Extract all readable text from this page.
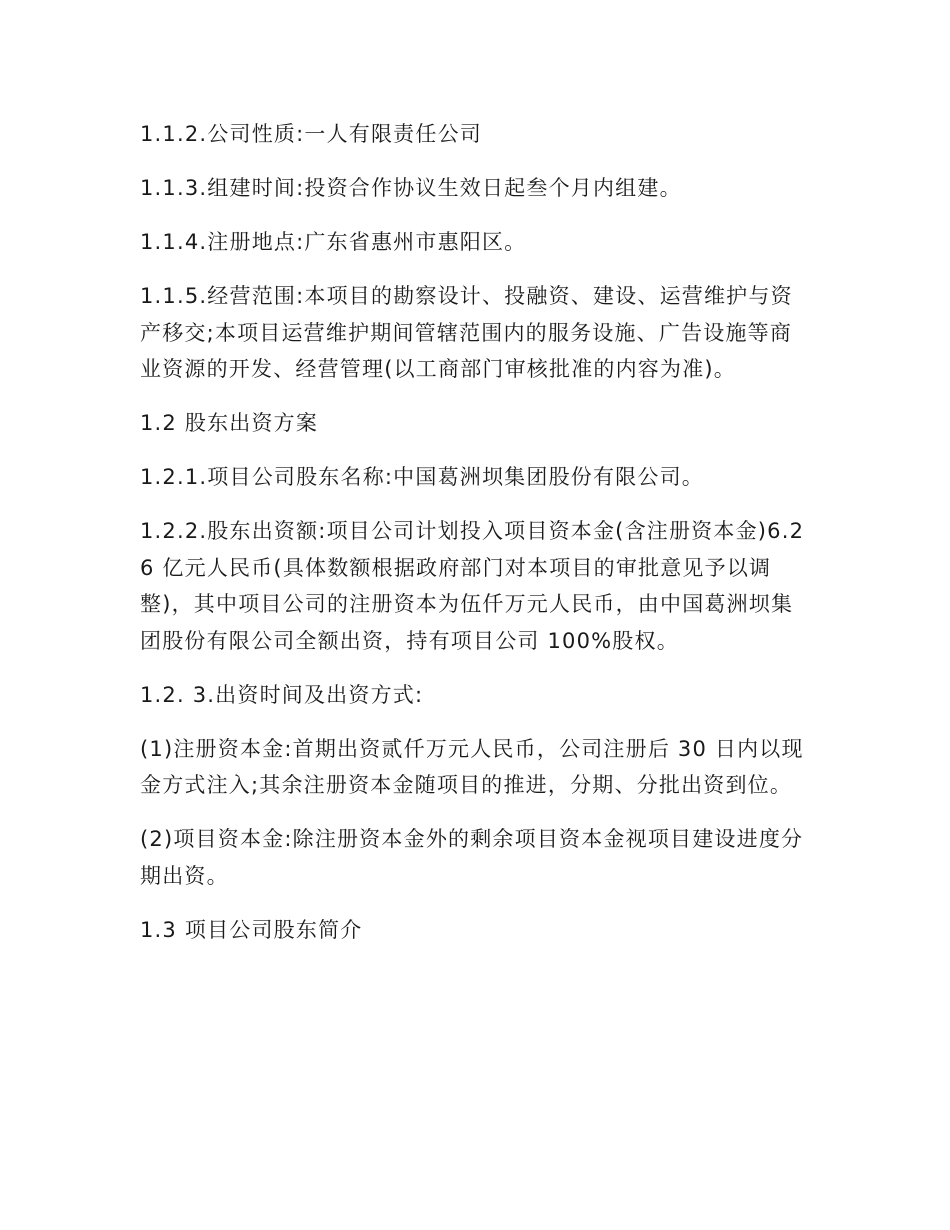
1.1.2.公司性质:一人有限责任公司

1.1.3.组建时间:投资合作协议生效日起叁个月内组建。

1.1.4.注册地点:广东省惠州市惠阳区。

1.1.5.经营范围:本项目的勘察设计、投融资、建设、运营维护与资产移交;本项目运营维护期间管辖范围内的服务设施、广告设施等商业资源的开发、经营管理(以工商部门审核批准的内容为准)。

1.2 股东出资方案

1.2.1.项目公司股东名称:中国葛洲坝集团股份有限公司。

1.2.2.股东出资额:项目公司计划投入项目资本金(含注册资本金)6.26 亿元人民币(具体数额根据政府部门对本项目的审批意见予以调整)，其中项目公司的注册资本为伍仟万元人民币，由中国葛洲坝集团股份有限公司全额出资，持有项目公司 100%股权。

1.2. 3.出资时间及出资方式:

(1)注册资本金:首期出资贰仟万元人民币，公司注册后 30 日内以现金方式注入;其余注册资本金随项目的推进，分期、分批出资到位。

(2)项目资本金:除注册资本金外的剩余项目资本金视项目建设进度分期出资。

1.3 项目公司股东简介
